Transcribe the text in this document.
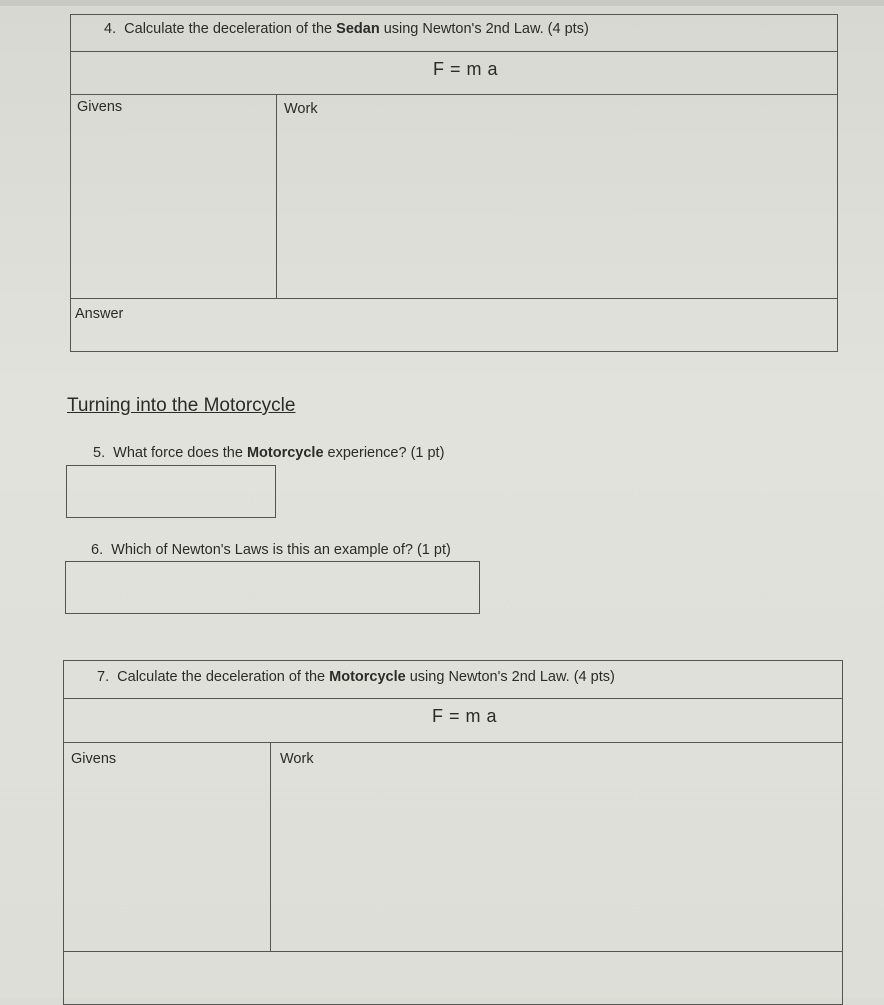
4. Calculate the deceleration of the Sedan using Newton's 2nd Law. (4 pts)
F = m a
Givens	Work
Answer
Turning into the Motorcycle
5. What force does the Motorcycle experience? (1 pt)
6. Which of Newton's Laws is this an example of? (1 pt)
7. Calculate the deceleration of the Motorcycle using Newton's 2nd Law. (4 pts)
F = m a
Givens	Work
